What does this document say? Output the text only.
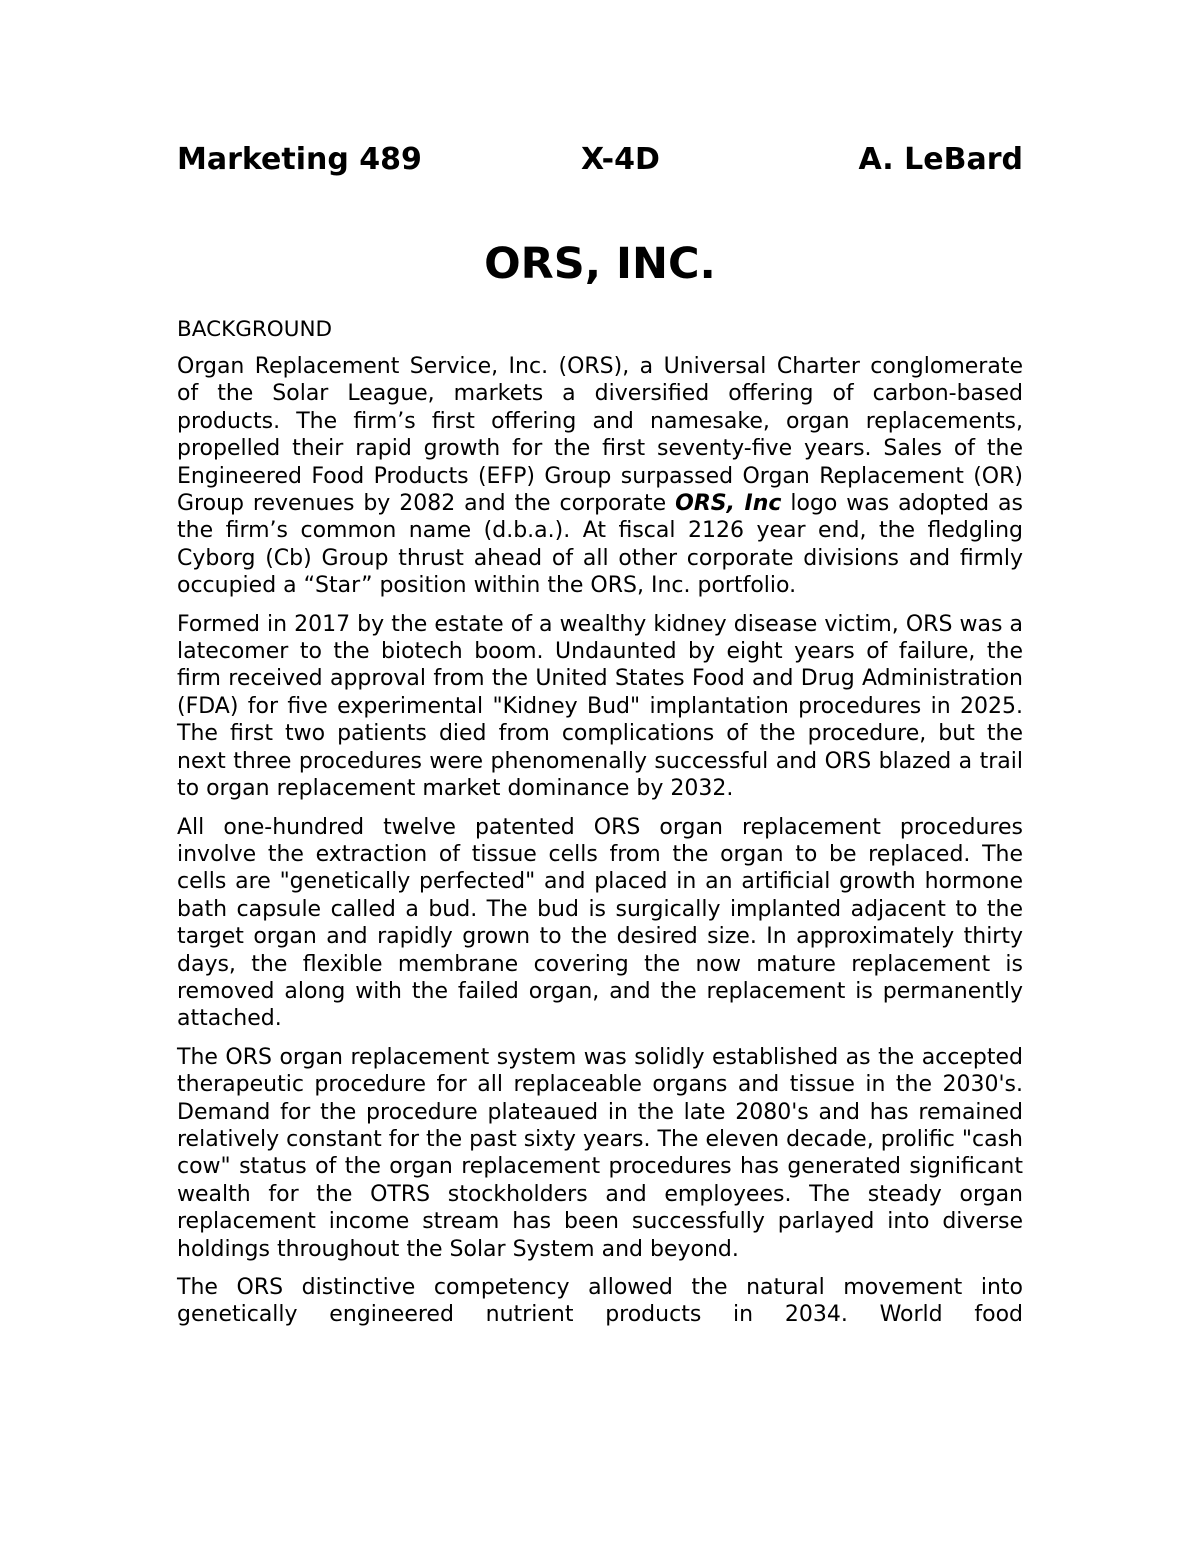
Marketing 489	X-4D	A. LeBard
ORS, INC.
BACKGROUND

Organ Replacement Service, Inc. (ORS), a Universal Charter conglomerate of the Solar League, markets a diversified offering of carbon-based products. The firm’s first offering and namesake, organ replacements, propelled their rapid growth for the first seventy-five years. Sales of the Engineered Food Products (EFP) Group surpassed Organ Replacement (OR) Group revenues by 2082 and the corporate ORS, Inc logo was adopted as the firm’s common name (d.b.a.). At fiscal 2126 year end, the fledgling Cyborg (Cb) Group thrust ahead of all other corporate divisions and firmly occupied a “Star” position within the ORS, Inc. portfolio.

Formed in 2017 by the estate of a wealthy kidney disease victim, ORS was a latecomer to the biotech boom. Undaunted by eight years of failure, the firm received approval from the United States Food and Drug Administration (FDA) for five experimental "Kidney Bud" implantation procedures in 2025. The first two patients died from complications of the procedure, but the next three procedures were phenomenally successful and ORS blazed a trail to organ replacement market dominance by 2032.

All one-hundred twelve patented ORS organ replacement procedures involve the extraction of tissue cells from the organ to be replaced. The cells are "genetically perfected" and placed in an artificial growth hormone bath capsule called a bud. The bud is surgically implanted adjacent to the target organ and rapidly grown to the desired size. In approximately thirty days, the flexible membrane covering the now mature replacement is removed along with the failed organ, and the replacement is permanently attached.

The ORS organ replacement system was solidly established as the accepted therapeutic procedure for all replaceable organs and tissue in the 2030's. Demand for the procedure plateaued in the late 2080's and has remained relatively constant for the past sixty years. The eleven decade, prolific "cash cow" status of the organ replacement procedures has generated significant wealth for the OTRS stockholders and employees. The steady organ replacement income stream has been successfully parlayed into diverse holdings throughout the Solar System and beyond.

The ORS distinctive competency allowed the natural movement into genetically engineered nutrient products in 2034. World food
